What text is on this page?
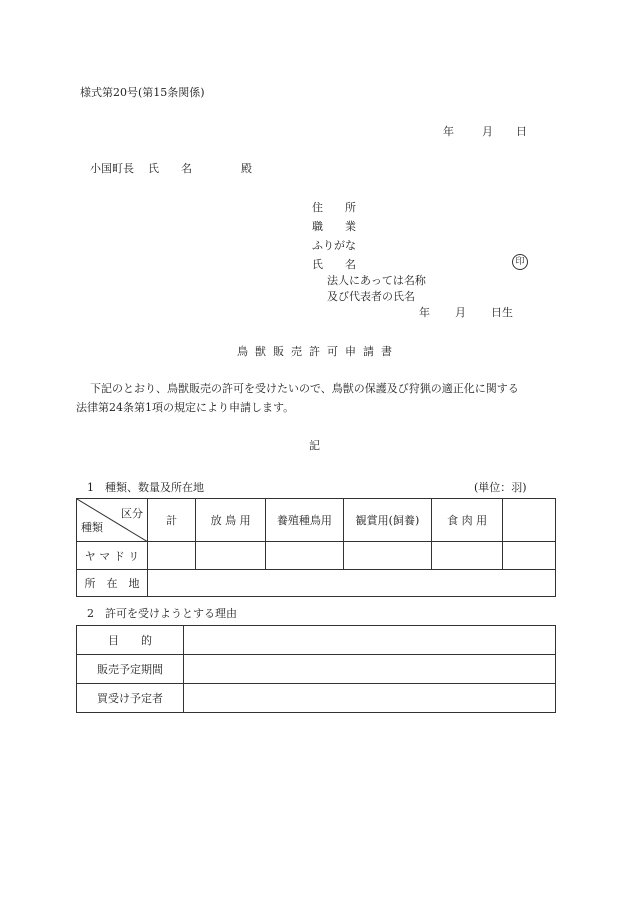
様式第20号(第15条関係)
年	月 日
小国町長 氏　　名	殿
住　　所
職　　業
ふりがな
氏　　名	印
法人にあっては名称
及び代表者の氏名
年 月 日生
鳥獣販売許可申請書
下記のとおり、鳥獣販売の許可を受けたいので、鳥獣の保護及び狩猟の適正化に関する
法律第24条第1項の規定により申請します。
記
1　種類、数量及所在地	(単位：羽)
区分
種類	計	放 鳥 用	養殖種鳥用	観賞用(飼養)	食 肉 用	
ヤ マ ド リ						
所　在　地						
2　許可を受けようとする理由
目　　的	
販売予定期間	
買受け予定者	
